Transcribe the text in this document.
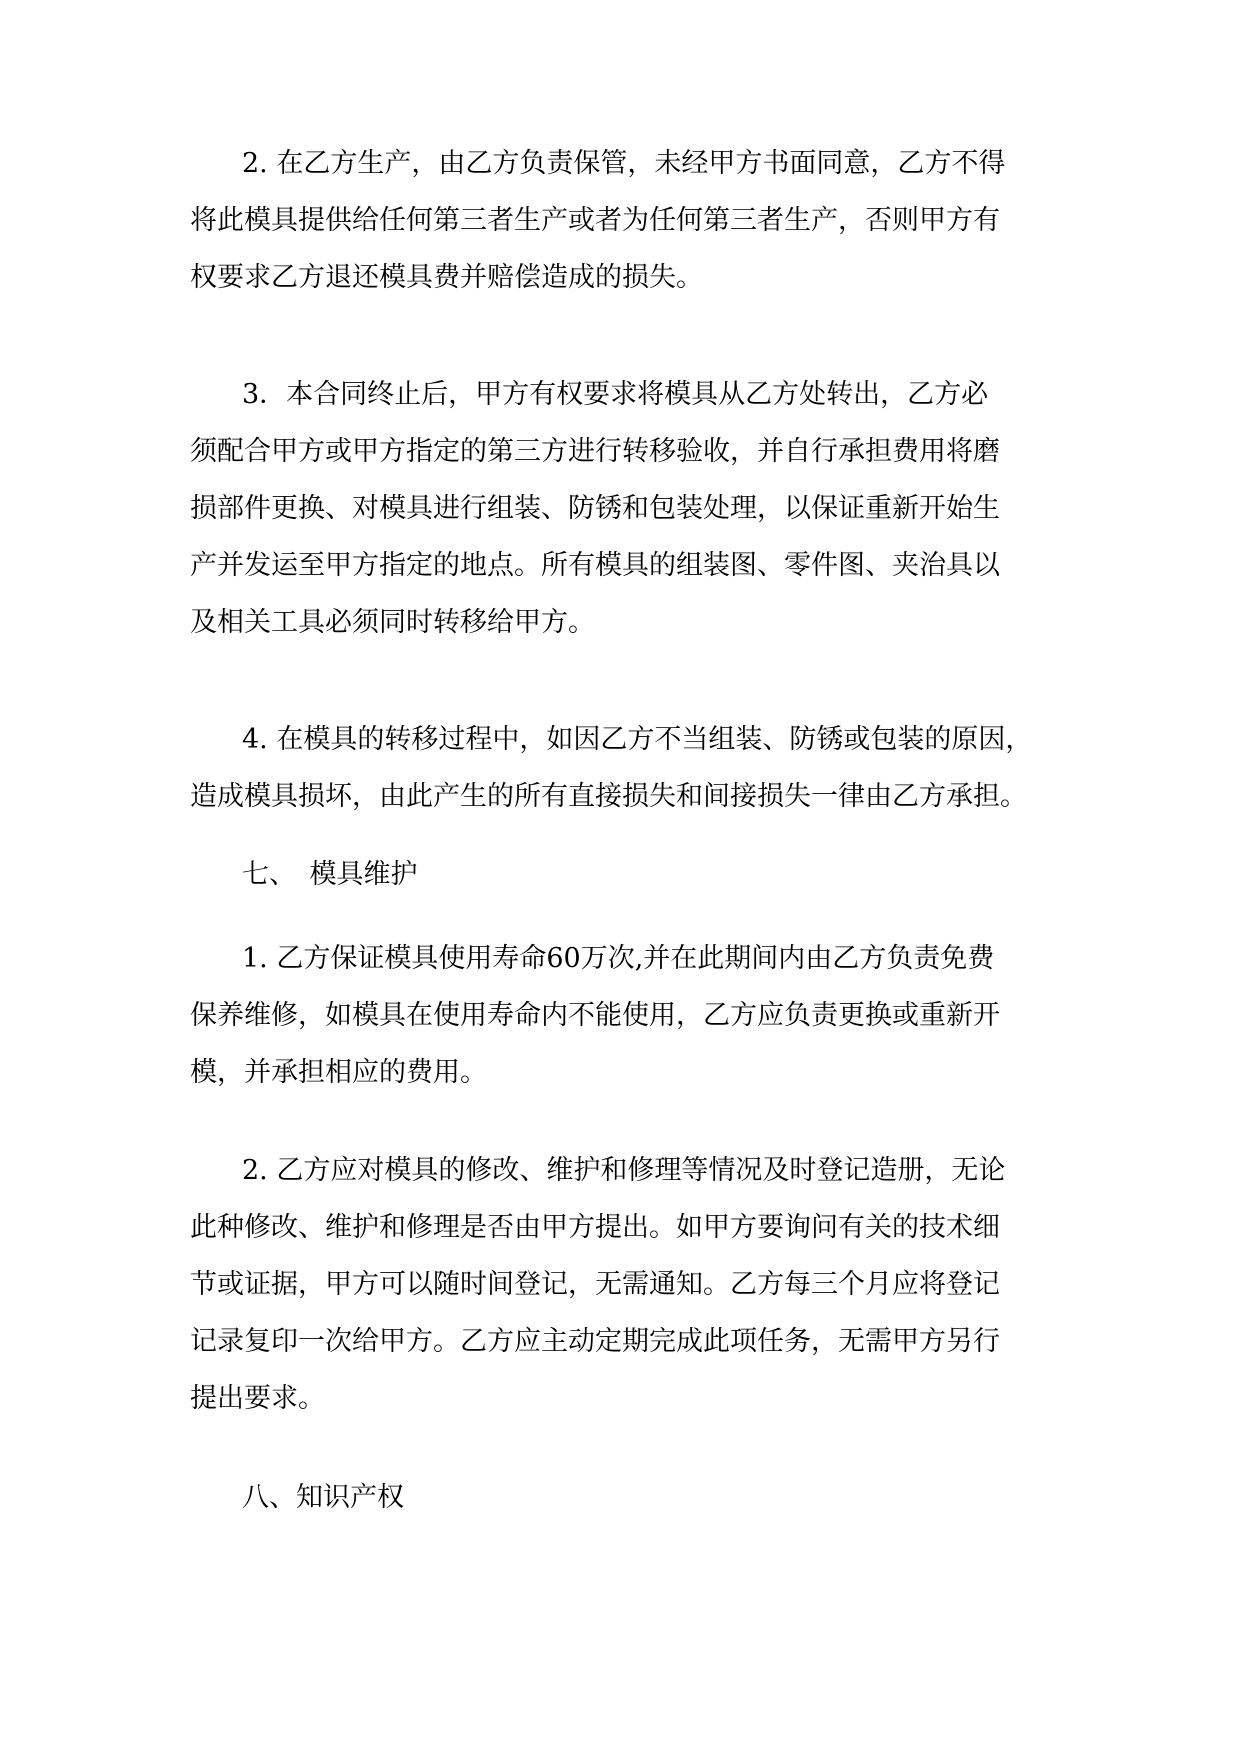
2. 在乙方生产，由乙方负责保管，未经甲方书面同意，乙方不得

将此模具提供给任何第三者生产或者为任何第三者生产，否则甲方有

权要求乙方退还模具费并赔偿造成的损失。

3．本合同终止后，甲方有权要求将模具从乙方处转出，乙方必

须配合甲方或甲方指定的第三方进行转移验收，并自行承担费用将磨

损部件更换、对模具进行组装、防锈和包装处理，以保证重新开始生

产并发运至甲方指定的地点。所有模具的组装图、零件图、夹治具以

及相关工具必须同时转移给甲方。

4. 在模具的转移过程中，如因乙方不当组装、防锈或包装的原因，

造成模具损坏，由此产生的所有直接损失和间接损失一律由乙方承担。

七、　模具维护

1. 乙方保证模具使用寿命60万次,并在此期间内由乙方负责免费

保养维修，如模具在使用寿命内不能使用，乙方应负责更换或重新开

模，并承担相应的费用。

2. 乙方应对模具的修改、维护和修理等情况及时登记造册，无论

此种修改、维护和修理是否由甲方提出。如甲方要询问有关的技术细

节或证据，甲方可以随时间登记，无需通知。乙方每三个月应将登记

记录复印一次给甲方。乙方应主动定期完成此项任务，无需甲方另行

提出要求。

八、知识产权
